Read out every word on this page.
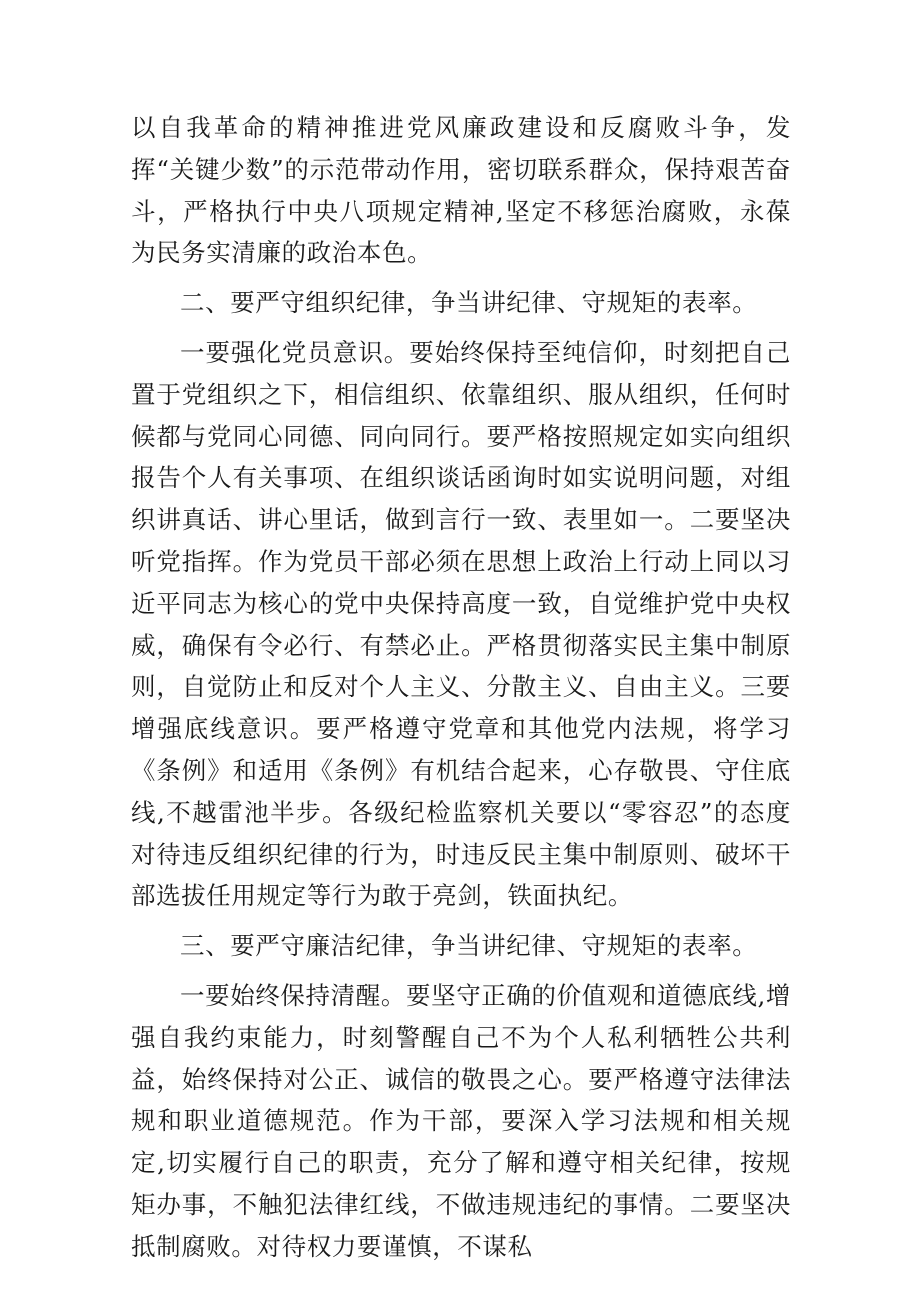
以自我革命的精神推进党风廉政建设和反腐败斗争，发挥“关键少数”的示范带动作用，密切联系群众，保持艰苦奋斗，严格执行中央八项规定精神,坚定不移惩治腐败，永葆为民务实清廉的政治本色。

二、要严守组织纪律，争当讲纪律、守规矩的表率。

一要强化党员意识。要始终保持至纯信仰，时刻把自己置于党组织之下，相信组织、依靠组织、服从组织，任何时候都与党同心同德、同向同行。要严格按照规定如实向组织报告个人有关事项、在组织谈话函询时如实说明问题，对组织讲真话、讲心里话，做到言行一致、表里如一。二要坚决听党指挥。作为党员干部必须在思想上政治上行动上同以习近平同志为核心的党中央保持高度一致，自觉维护党中央权威，确保有令必行、有禁必止。严格贯彻落实民主集中制原则，自觉防止和反对个人主义、分散主义、自由主义。三要增强底线意识。要严格遵守党章和其他党内法规，将学习《条例》和适用《条例》有机结合起来，心存敬畏、守住底线,不越雷池半步。各级纪检监察机关要以“零容忍”的态度对待违反组织纪律的行为，时违反民主集中制原则、破坏干部选拔任用规定等行为敢于亮剑，铁面执纪。

三、要严守廉洁纪律，争当讲纪律、守规矩的表率。

一要始终保持清醒。要坚守正确的价值观和道德底线,增强自我约束能力，时刻警醒自己不为个人私利牺牲公共利益，始终保持对公正、诚信的敬畏之心。要严格遵守法律法规和职业道德规范。作为干部，要深入学习法规和相关规定,切实履行自己的职责，充分了解和遵守相关纪律，按规矩办事，不触犯法律红线，不做违规违纪的事情。二要坚决抵制腐败。对待权力要谨慎，不谋私
